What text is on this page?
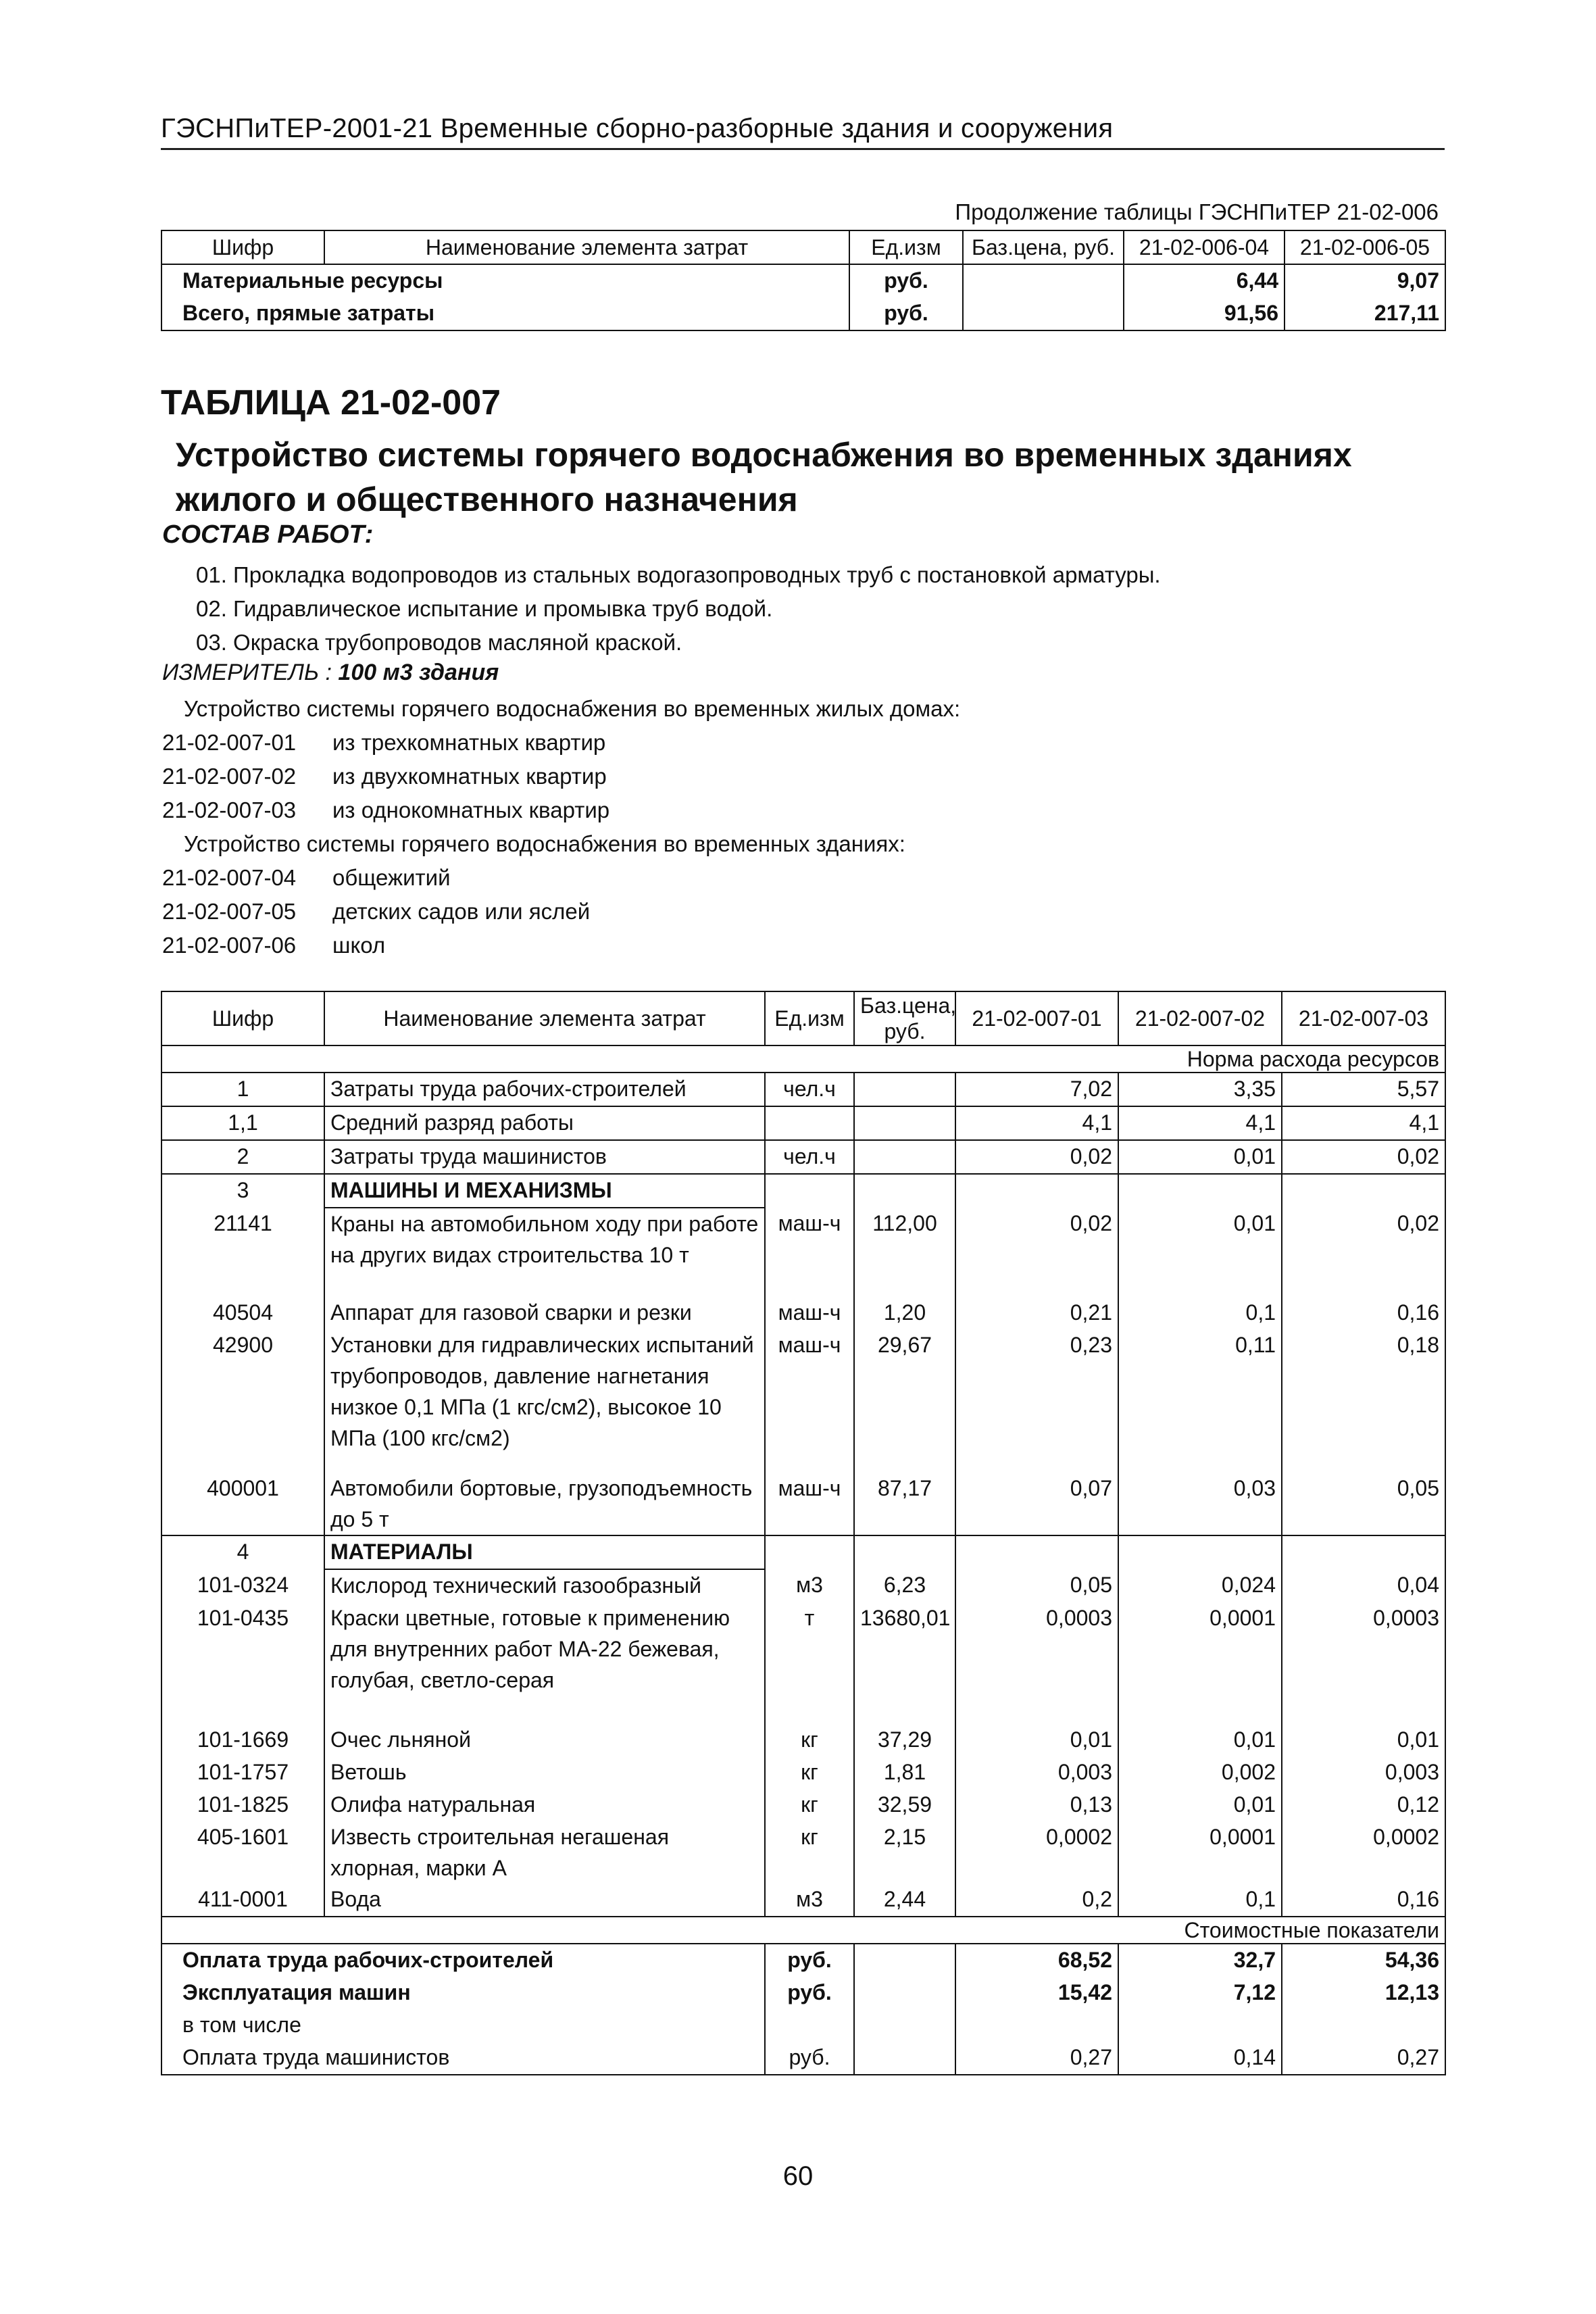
ГЭСНПиТЕР-2001-21 Временные сборно-разборные здания и сооружения
Продолжение таблицы ГЭСНПиТЕР 21-02-006
Шифр	Наименование элемента затрат	Ед.изм	Баз.цена, руб.	21-02-006-04	21-02-006-05
Материальные ресурсы		руб.		6,44	9,07
Всего, прямые затраты		руб.		91,56	217,11
ТАБЛИЦА 21-02-007
Устройство системы горячего водоснабжения во временных зданиях жилого и общественного назначения
СОСТАВ РАБОТ:
01. Прокладка водопроводов из стальных водогазопроводных труб с постановкой арматуры.
02. Гидравлическое испытание и промывка труб водой.
03. Окраска трубопроводов масляной краской.
ИЗМЕРИТЕЛЬ : 100 м3 здания
Устройство системы горячего водоснабжения во временных жилых домах:
21-02-007-01	из трехкомнатных квартир
21-02-007-02	из двухкомнатных квартир
21-02-007-03	из однокомнатных квартир
Устройство системы горячего водоснабжения во временных зданиях:
21-02-007-04	общежитий
21-02-007-05	детских садов или яслей
21-02-007-06	школ
Шифр	Наименование элемента затрат	Ед.изм	Баз.цена, руб.	21-02-007-01	21-02-007-02	21-02-007-03
Норма расхода ресурсов						
1	Затраты труда рабочих-строителей	чел.ч		7,02	3,35	5,57
1,1	Средний разряд работы			4,1	4,1	4,1
2	Затраты труда машинистов	чел.ч		0,02	0,01	0,02
3	МАШИНЫ И МЕХАНИЗМЫ					
21141	Краны на автомобильном ходу при работе на других видах строительства 10 т	маш-ч	112,00	0,02	0,01	0,02
40504	Аппарат для газовой сварки и резки	маш-ч	1,20	0,21	0,1	0,16
42900	Установки для гидравлических испытаний трубопроводов, давление нагнетания низкое 0,1 МПа (1 кгс/см2), высокое 10 МПа (100 кгс/см2)	маш-ч	29,67	0,23	0,11	0,18
400001	Автомобили бортовые, грузоподъемность до 5 т	маш-ч	87,17	0,07	0,03	0,05
4	МАТЕРИАЛЫ					
101-0324	Кислород технический газообразный	м3	6,23	0,05	0,024	0,04
101-0435	Краски цветные, готовые к применению для внутренних работ МА-22 бежевая, голубая, светло-серая	т	13680,01	0,0003	0,0001	0,0003
101-1669	Очес льняной	кг	37,29	0,01	0,01	0,01
101-1757	Ветошь	кг	1,81	0,003	0,002	0,003
101-1825	Олифа натуральная	кг	32,59	0,13	0,01	0,12
405-1601	Известь строительная негашеная хлорная, марки А	кг	2,15	0,0002	0,0001	0,0002
411-0001	Вода	м3	2,44	0,2	0,1	0,16
Стоимостные показатели						
Оплата труда рабочих-строителей		руб.		68,52	32,7	54,36
Эксплуатация машин		руб.		15,42	7,12	12,13
в том числе						
Оплата труда машинистов		руб.		0,27	0,14	0,27
60
